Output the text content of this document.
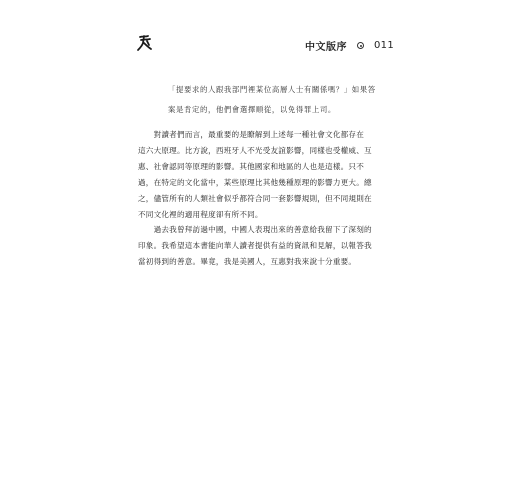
中文版序	011
「提要求的人跟我部門裡某位高層人士有關係嗎？」如果答
案是肯定的，他們會選擇順從，以免得罪上司。
　　對讀者們而言，最重要的是瞭解到上述每一種社會文化都存在
這六大原理。比方說，西班牙人不光受友誼影響，同樣也受權威、互
惠、社會認同等原理的影響。其他國家和地區的人也是這樣。只不
過，在特定的文化當中，某些原理比其他幾種原理的影響力更大。總
之，儘管所有的人類社會似乎都符合同一套影響規則，但不同規則在
不同文化裡的適用程度卻有所不同。
　　過去我曾拜訪過中國，中國人表現出來的善意給我留下了深刻的
印象。我希望這本書能向華人讀者提供有益的資訊和見解，以報答我
當初得到的善意。畢竟，我是美國人，互惠對我來說十分重要。
